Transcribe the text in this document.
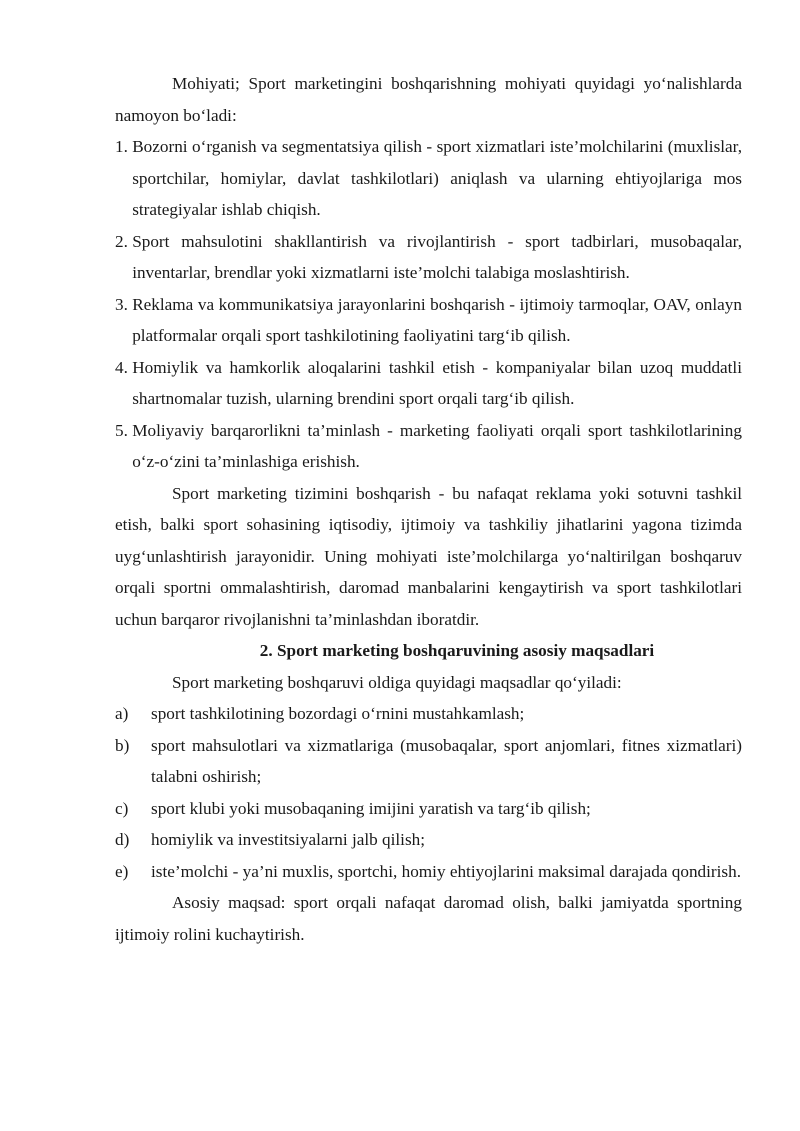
Mohiyati; Sport marketingini boshqarishning mohiyati quyidagi yo‘nalishlarda namoyon bo‘ladi:

1.
Bozorni o‘rganish va segmentatsiya qilish - sport xizmatlari iste’molchilarini (muxlislar, sportchilar, homiylar, davlat tashkilotlari) aniqlash va ularning ehtiyojlariga mos strategiyalar ishlab chiqish.
2.
Sport mahsulotini shakllantirish va rivojlantirish - sport tadbirlari, musobaqalar, inventarlar, brendlar yoki xizmatlarni iste’molchi talabiga moslashtirish.
3.
Reklama va kommunikatsiya jarayonlarini boshqarish - ijtimoiy tarmoqlar, OAV, onlayn platformalar orqali sport tashkilotining faoliyatini targ‘ib qilish.
4.
Homiylik va hamkorlik aloqalarini tashkil etish - kompaniyalar bilan uzoq muddatli shartnomalar tuzish, ularning brendini sport orqali targ‘ib qilish.
5.
Moliyaviy barqarorlikni ta’minlash - marketing faoliyati orqali sport tashkilotlarining o‘z-o‘zini ta’minlashiga erishish.

Sport marketing tizimini boshqarish - bu nafaqat reklama yoki sotuvni tashkil etish, balki sport sohasining iqtisodiy, ijtimoiy va tashkiliy jihatlarini yagona tizimda uyg‘unlashtirish jarayonidir. Uning mohiyati iste’molchilarga yo‘naltirilgan boshqaruv orqali sportni ommalashtirish, daromad manbalarini kengaytirish va sport tashkilotlari uchun barqaror rivojlanishni ta’minlashdan iboratdir.

2. Sport marketing boshqaruvining asosiy maqsadlari

Sport marketing boshqaruvi oldiga quyidagi maqsadlar qo‘yiladi:

a)
sport tashkilotining bozordagi o‘rnini mustahkamlash;
b)
sport mahsulotlari va xizmatlariga (musobaqalar, sport anjomlari, fitnes xizmatlari) talabni oshirish;
c)
sport klubi yoki musobaqaning imijini yaratish va targ‘ib qilish;
d)
homiylik va investitsiyalarni jalb qilish;
e)
iste’molchi - ya’ni muxlis, sportchi, homiy ehtiyojlarini maksimal darajada qondirish.

Asosiy maqsad: sport orqali nafaqat daromad olish, balki jamiyatda sportning ijtimoiy rolini kuchaytirish.
